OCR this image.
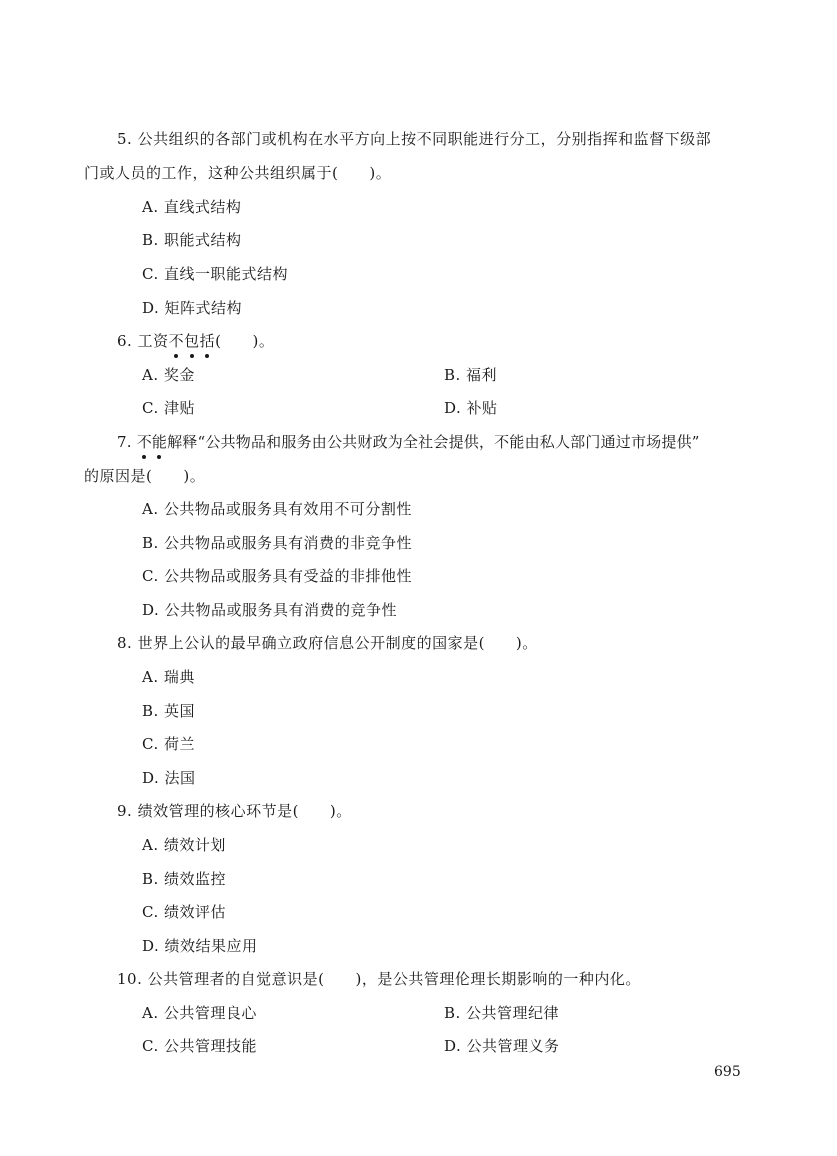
5. 公共组织的各部门或机构在水平方向上按不同职能进行分工，分别指挥和监督下级部
门或人员的工作，这种公共组织属于(　　)。
A. 直线式结构
B. 职能式结构
C. 直线一职能式结构
D. 矩阵式结构
6. 工资不包括(　　)。
A. 奖金	B. 福利
C. 津贴	D. 补贴
7. 不能解释“公共物品和服务由公共财政为全社会提供，不能由私人部门通过市场提供”
的原因是(　　)。
A. 公共物品或服务具有效用不可分割性
B. 公共物品或服务具有消费的非竞争性
C. 公共物品或服务具有受益的非排他性
D. 公共物品或服务具有消费的竞争性
8. 世界上公认的最早确立政府信息公开制度的国家是(　　)。
A. 瑞典
B. 英国
C. 荷兰
D. 法国
9. 绩效管理的核心环节是(　　)。
A. 绩效计划
B. 绩效监控
C. 绩效评估
D. 绩效结果应用
10. 公共管理者的自觉意识是(　　)，是公共管理伦理长期影响的一种内化。
A. 公共管理良心	B. 公共管理纪律
C. 公共管理技能	D. 公共管理义务
695
